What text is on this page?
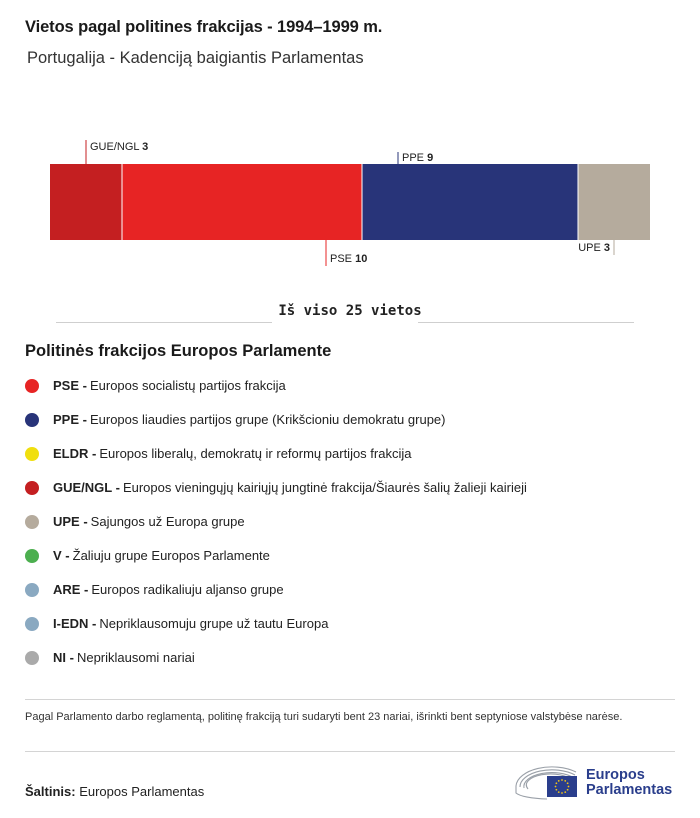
Vietos pagal politines frakcijas - 1994–1999 m.
Portugalija - Kadenciją baigiantis Parlamentas
GUE/NGL 3
PSE 10
PPE 9
UPE 3
Iš viso 25 vietos
Politinės frakcijos Europos Parlamente
PSE - Europos socialistų partijos frakcija
PPE - Europos liaudies partijos grupe (Krikšcioniu demokratu grupe)
ELDR - Europos liberalų, demokratų ir reformų partijos frakcija
GUE/NGL - Europos vieningųjų kairiųjų jungtinė frakcija/Šiaurės šalių žalieji kairieji
UPE - Sajungos už Europa grupe
V - Žaliuju grupe Europos Parlamente
ARE - Europos radikaliuju aljanso grupe
I-EDN - Nepriklausomuju grupe už tautu Europa
NI - Nepriklausomi nariai
Pagal Parlamento darbo reglamentą, politinę frakciją turi sudaryti bent 23 nariai, išrinkti bent septyniose valstybėse narėse.
Šaltinis: Europos Parlamentas
Europos
Parlamentas
